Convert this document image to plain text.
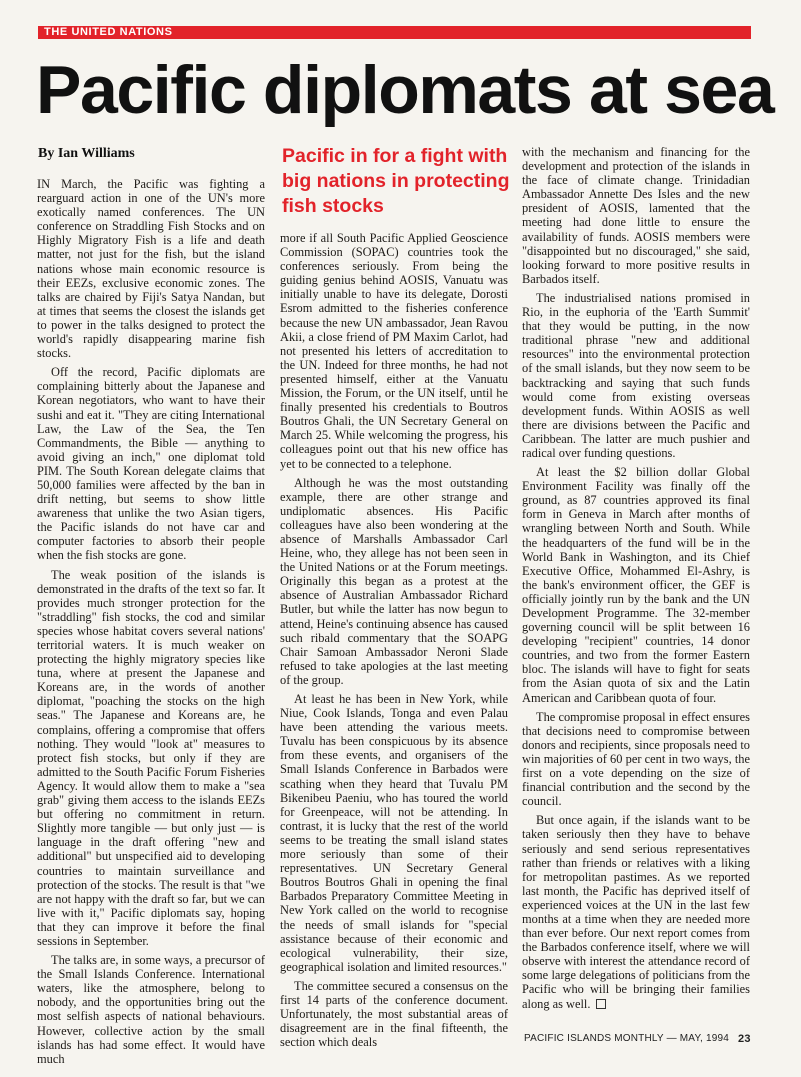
THE UNITED NATIONS
Pacific diplomats at sea
By Ian Williams	Pacific in for a fight with big nations in protecting fish stocks

IN March, the Pacific was fighting a rearguard action in one of the UN's more exotically named conferences. The UN conference on Straddling Fish Stocks and on Highly Migratory Fish is a life and death matter, not just for the fish, but the island nations whose main economic resource is their EEZs, exclusive economic zones. The talks are chaired by Fiji's Satya Nandan, but at times that seems the closest the islands get to power in the talks designed to protect the world's rapidly disappearing marine fish stocks.

Off the record, Pacific diplomats are complaining bitterly about the Japanese and Korean negotiators, who want to have their sushi and eat it. "They are citing International Law, the Law of the Sea, the Ten Commandments, the Bible — anything to avoid giving an inch," one diplomat told PIM. The South Korean delegate claims that 50,000 families were affected by the ban in drift netting, but seems to show little awareness that unlike the two Asian tigers, the Pacific islands do not have car and computer factories to absorb their people when the fish stocks are gone.

The weak position of the islands is demonstrated in the drafts of the text so far. It provides much stronger protection for the "straddling" fish stocks, the cod and similar species whose habitat covers several nations' territorial waters. It is much weaker on protecting the highly migratory species like tuna, where at present the Japanese and Koreans are, in the words of another diplomat, "poaching the stocks on the high seas." The Japanese and Koreans are, he complains, offering a compromise that offers nothing. They would "look at" measures to protect fish stocks, but only if they are admitted to the South Pacific Forum Fisheries Agency. It would allow them to make a "sea grab" giving them access to the islands EEZs but offering no commitment in return. Slightly more tangible — but only just — is language in the draft offering "new and additional" but unspecified aid to developing countries to maintain surveillance and protection of the stocks. The result is that "we are not happy with the draft so far, but we can live with it," Pacific diplomats say, hoping that they can improve it before the final sessions in September.

The talks are, in some ways, a precursor of the Small Islands Conference. International waters, like the atmosphere, belong to nobody, and the opportunities bring out the most selfish aspects of national behaviours. However, collective action by the small islands has had some effect. It would have much

more if all South Pacific Applied Geoscience Commission (SOPAC) countries took the conferences seriously. From being the guiding genius behind AOSIS, Vanuatu was initially unable to have its delegate, Dorosti Esrom admitted to the fisheries conference because the new UN ambassador, Jean Ravou Akii, a close friend of PM Maxim Carlot, had not presented his letters of accreditation to the UN. Indeed for three months, he had not presented himself, either at the Vanuatu Mission, the Forum, or the UN itself, until he finally presented his credentials to Boutros Boutros Ghali, the UN Secretary General on March 25. While welcoming the progress, his colleagues point out that his new office has yet to be connected to a telephone.

Although he was the most outstanding example, there are other strange and undiplomatic absences. His Pacific colleagues have also been wondering at the absence of Marshalls Ambassador Carl Heine, who, they allege has not been seen in the United Nations or at the Forum meetings. Originally this began as a protest at the absence of Australian Ambassador Richard Butler, but while the latter has now begun to attend, Heine's continuing absence has caused such ribald commentary that the SOAPG Chair Samoan Ambassador Neroni Slade refused to take apologies at the last meeting of the group.

At least he has been in New York, while Niue, Cook Islands, Tonga and even Palau have been attending the various meets. Tuvalu has been conspicuous by its absence from these events, and organisers of the Small Islands Conference in Barbados were scathing when they heard that Tuvalu PM Bikenibeu Paeniu, who has toured the world for Greenpeace, will not be attending. In contrast, it is lucky that the rest of the world seems to be treating the small island states more seriously than some of their representatives. UN Secretary General Boutros Boutros Ghali in opening the final Barbados Preparatory Committee Meeting in New York called on the world to recognise the needs of small islands for "special assistance because of their economic and ecological vulnerability, their size, geographical isolation and limited resources."

The committee secured a consensus on the first 14 parts of the conference document. Unfortunately, the most substantial areas of disagreement are in the final fifteenth, the section which deals

with the mechanism and financing for the development and protection of the islands in the face of climate change. Trinidadian Ambassador Annette Des Isles and the new president of AOSIS, lamented that the meeting had done little to ensure the availability of funds. AOSIS members were "disappointed but no discouraged," she said, looking forward to more positive results in Barbados itself.

The industrialised nations promised in Rio, in the euphoria of the 'Earth Summit' that they would be putting, in the now traditional phrase "new and additional resources" into the environmental protection of the small islands, but they now seem to be backtracking and saying that such funds would come from existing overseas development funds. Within AOSIS as well there are divisions between the Pacific and Caribbean. The latter are much pushier and radical over funding questions.

At least the $2 billion dollar Global Environment Facility was finally off the ground, as 87 countries approved its final form in Geneva in March after months of wrangling between North and South. While the headquarters of the fund will be in the World Bank in Washington, and its Chief Executive Office, Mohammed El-Ashry, is the bank's environment officer, the GEF is officially jointly run by the bank and the UN Development Programme. The 32-member governing council will be split between 16 developing "recipient" countries, 14 donor countries, and two from the former Eastern bloc. The islands will have to fight for seats from the Asian quota of six and the Latin American and Caribbean quota of four.

The compromise proposal in effect ensures that decisions need to compromise between donors and recipients, since proposals need to win majorities of 60 per cent in two ways, the first on a vote depending on the size of financial contribution and the second by the council.

But once again, if the islands want to be taken seriously then they have to behave seriously and send serious representatives rather than friends or relatives with a liking for metropolitan pastimes. As we reported last month, the Pacific has deprived itself of experienced voices at the UN in the last few months at a time when they are needed more than ever before. Our next report comes from the Barbados conference itself, where we will observe with interest the attendance record of some large delegations of politicians from the Pacific who will be bringing their families along as well.

PACIFIC ISLANDS MONTHLY — MAY, 1994 23
